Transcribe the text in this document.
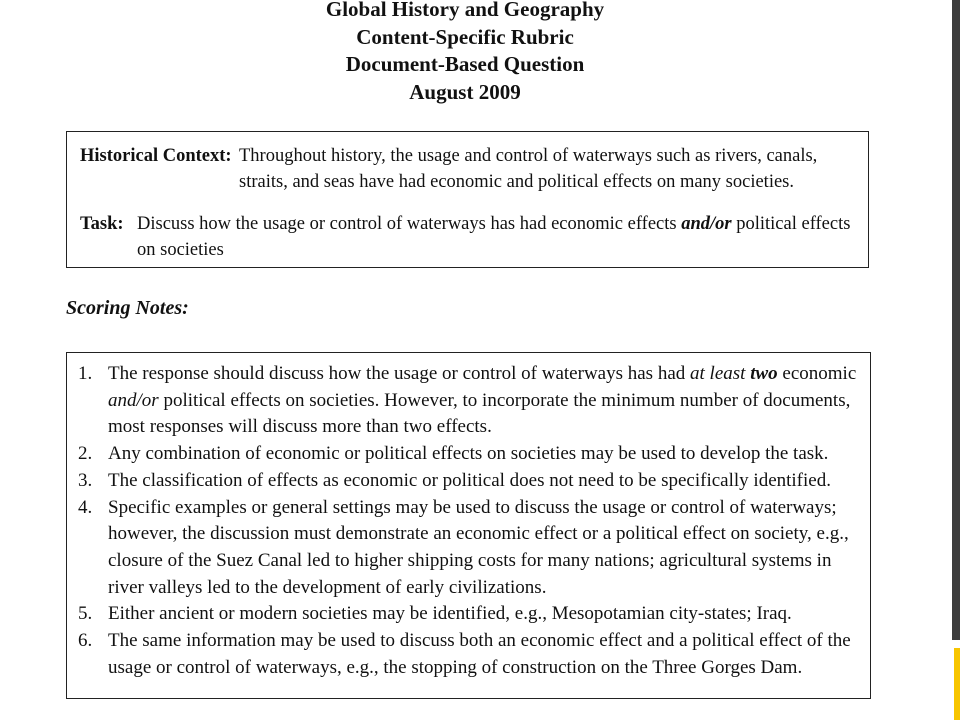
Global History and Geography
Content-Specific Rubric
Document-Based Question
August 2009
Historical Context: Throughout history, the usage and control of waterways such as rivers, canals, straits, and seas have had economic and political effects on many societies.
Task: Discuss how the usage or control of waterways has had economic effects and/or political effects on societies
Scoring Notes:
1. The response should discuss how the usage or control of waterways has had at least two economic and/or political effects on societies. However, to incorporate the minimum number of documents, most responses will discuss more than two effects.
2. Any combination of economic or political effects on societies may be used to develop the task.
3. The classification of effects as economic or political does not need to be specifically identified.
4. Specific examples or general settings may be used to discuss the usage or control of waterways; however, the discussion must demonstrate an economic effect or a political effect on society, e.g., closure of the Suez Canal led to higher shipping costs for many nations; agricultural systems in river valleys led to the development of early civilizations.
5. Either ancient or modern societies may be identified, e.g., Mesopotamian city-states; Iraq.
6. The same information may be used to discuss both an economic effect and a political effect of the usage or control of waterways, e.g., the stopping of construction on the Three Gorges Dam.
